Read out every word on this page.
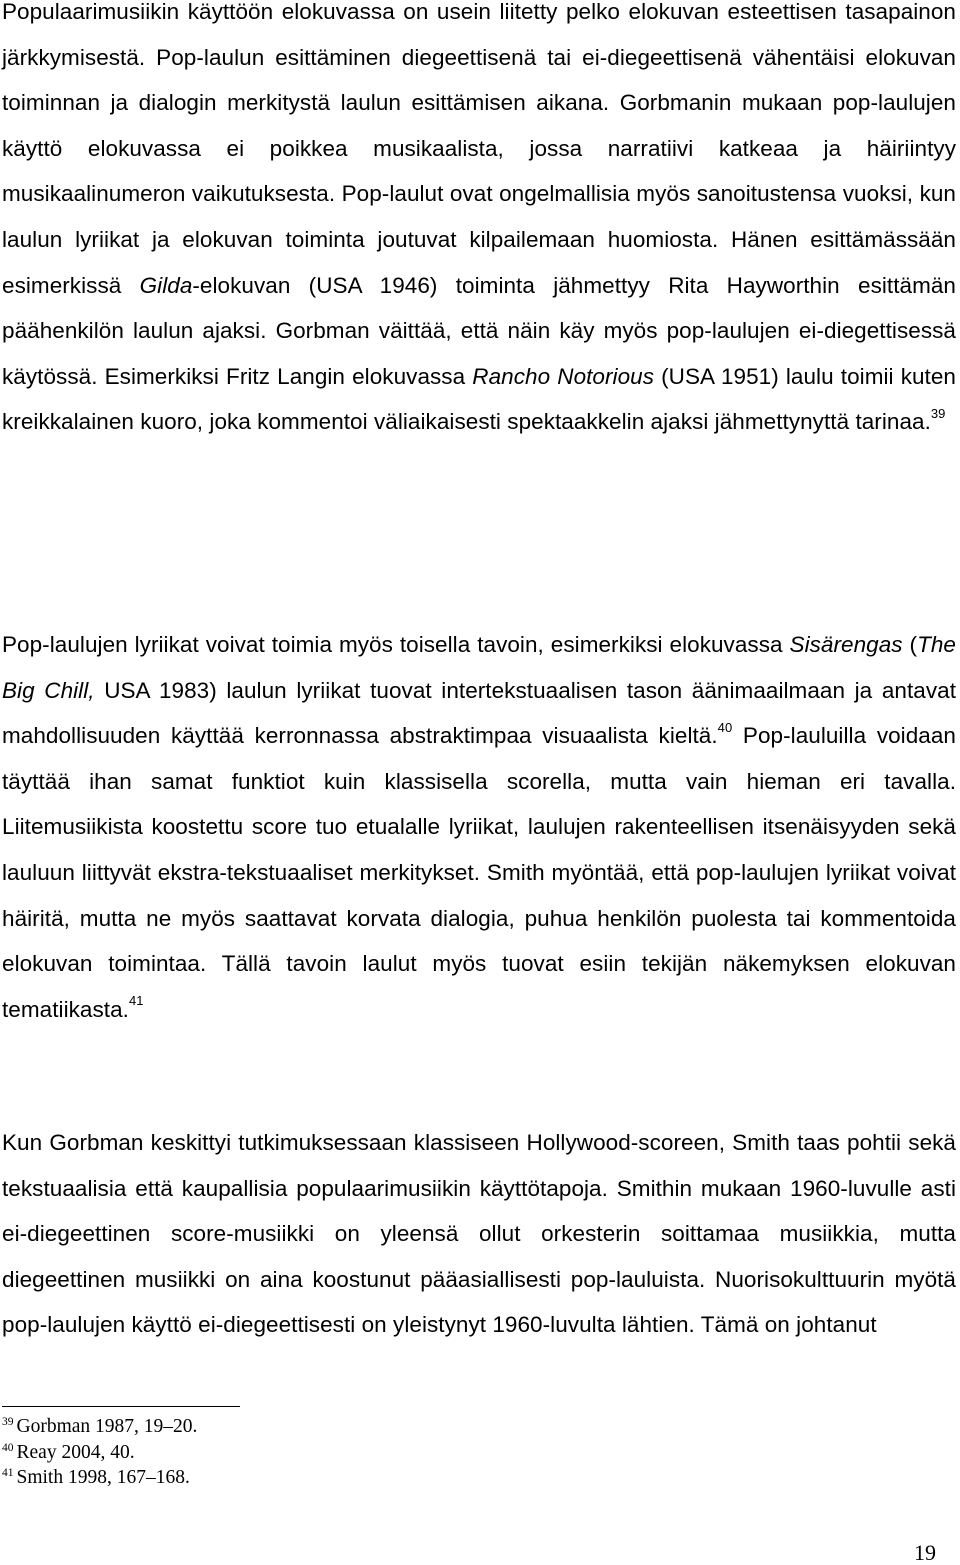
Populaarimusiikin käyttöön elokuvassa on usein liitetty pelko elokuvan esteettisen tasapainon järkkymisestä. Pop-laulun esittäminen diegeettisenä tai ei-diegeettisenä vähentäisi elokuvan toiminnan ja dialogin merkitystä laulun esittämisen aikana. Gorbmanin mukaan pop-laulujen käyttö elokuvassa ei poikkea musikaalista, jossa narratiivi katkeaa ja häiriintyy musikaalinumeron vaikutuksesta. Pop-laulut ovat ongelmallisia myös sanoitustensa vuoksi, kun laulun lyriikat ja elokuvan toiminta joutuvat kilpailemaan huomiosta. Hänen esittämässään esimerkissä Gilda-elokuvan (USA 1946) toiminta jähmettyy Rita Hayworthin esittämän päähenkilön laulun ajaksi. Gorbman väittää, että näin käy myös pop-laulujen ei-diegettisessä käytössä. Esimerkiksi Fritz Langin elokuvassa Rancho Notorious (USA 1951) laulu toimii kuten kreikkalainen kuoro, joka kommentoi väliaikaisesti spektaakkelin ajaksi jähmettynyttä tarinaa.$^{39}$

Pop-laulujen lyriikat voivat toimia myös toisella tavoin, esimerkiksi elokuvassa Sisärengas (The Big Chill, USA 1983) laulun lyriikat tuovat intertekstuaalisen tason äänimaailmaan ja antavat mahdollisuuden käyttää kerronnassa abstraktimpaa visuaalista kieltä.$^{40}$ Pop-lauluilla voidaan täyttää ihan samat funktiot kuin klassisella scorella, mutta vain hieman eri tavalla. Liitemusiikista koostettu score tuo etualalle lyriikat, laulujen rakenteellisen itsenäisyyden sekä lauluun liittyvät ekstra-tekstuaaliset merkitykset. Smith myöntää, että pop-laulujen lyriikat voivat häiritä, mutta ne myös saattavat korvata dialogia, puhua henkilön puolesta tai kommentoida elokuvan toimintaa. Tällä tavoin laulut myös tuovat esiin tekijän näkemyksen elokuvan tematiikasta.$^{41}$

Kun Gorbman keskittyi tutkimuksessaan klassiseen Hollywood-scoreen, Smith taas pohtii sekä tekstuaalisia että kaupallisia populaarimusiikin käyttötapoja. Smithin mukaan 1960-luvulle asti ei-diegeettinen score-musiikki on yleensä ollut orkesterin soittamaa musiikkia, mutta diegeettinen musiikki on aina koostunut pääasiallisesti pop-lauluista. Nuorisokulttuurin myötä pop-laulujen käyttö ei-diegeettisesti on yleistynyt 1960-luvulta lähtien. Tämä on johtanut

$^{39}$ Gorbman 1987, 19–20.
$^{40}$ Reay 2004, 40.
$^{41}$ Smith 1998, 167–168.
19
